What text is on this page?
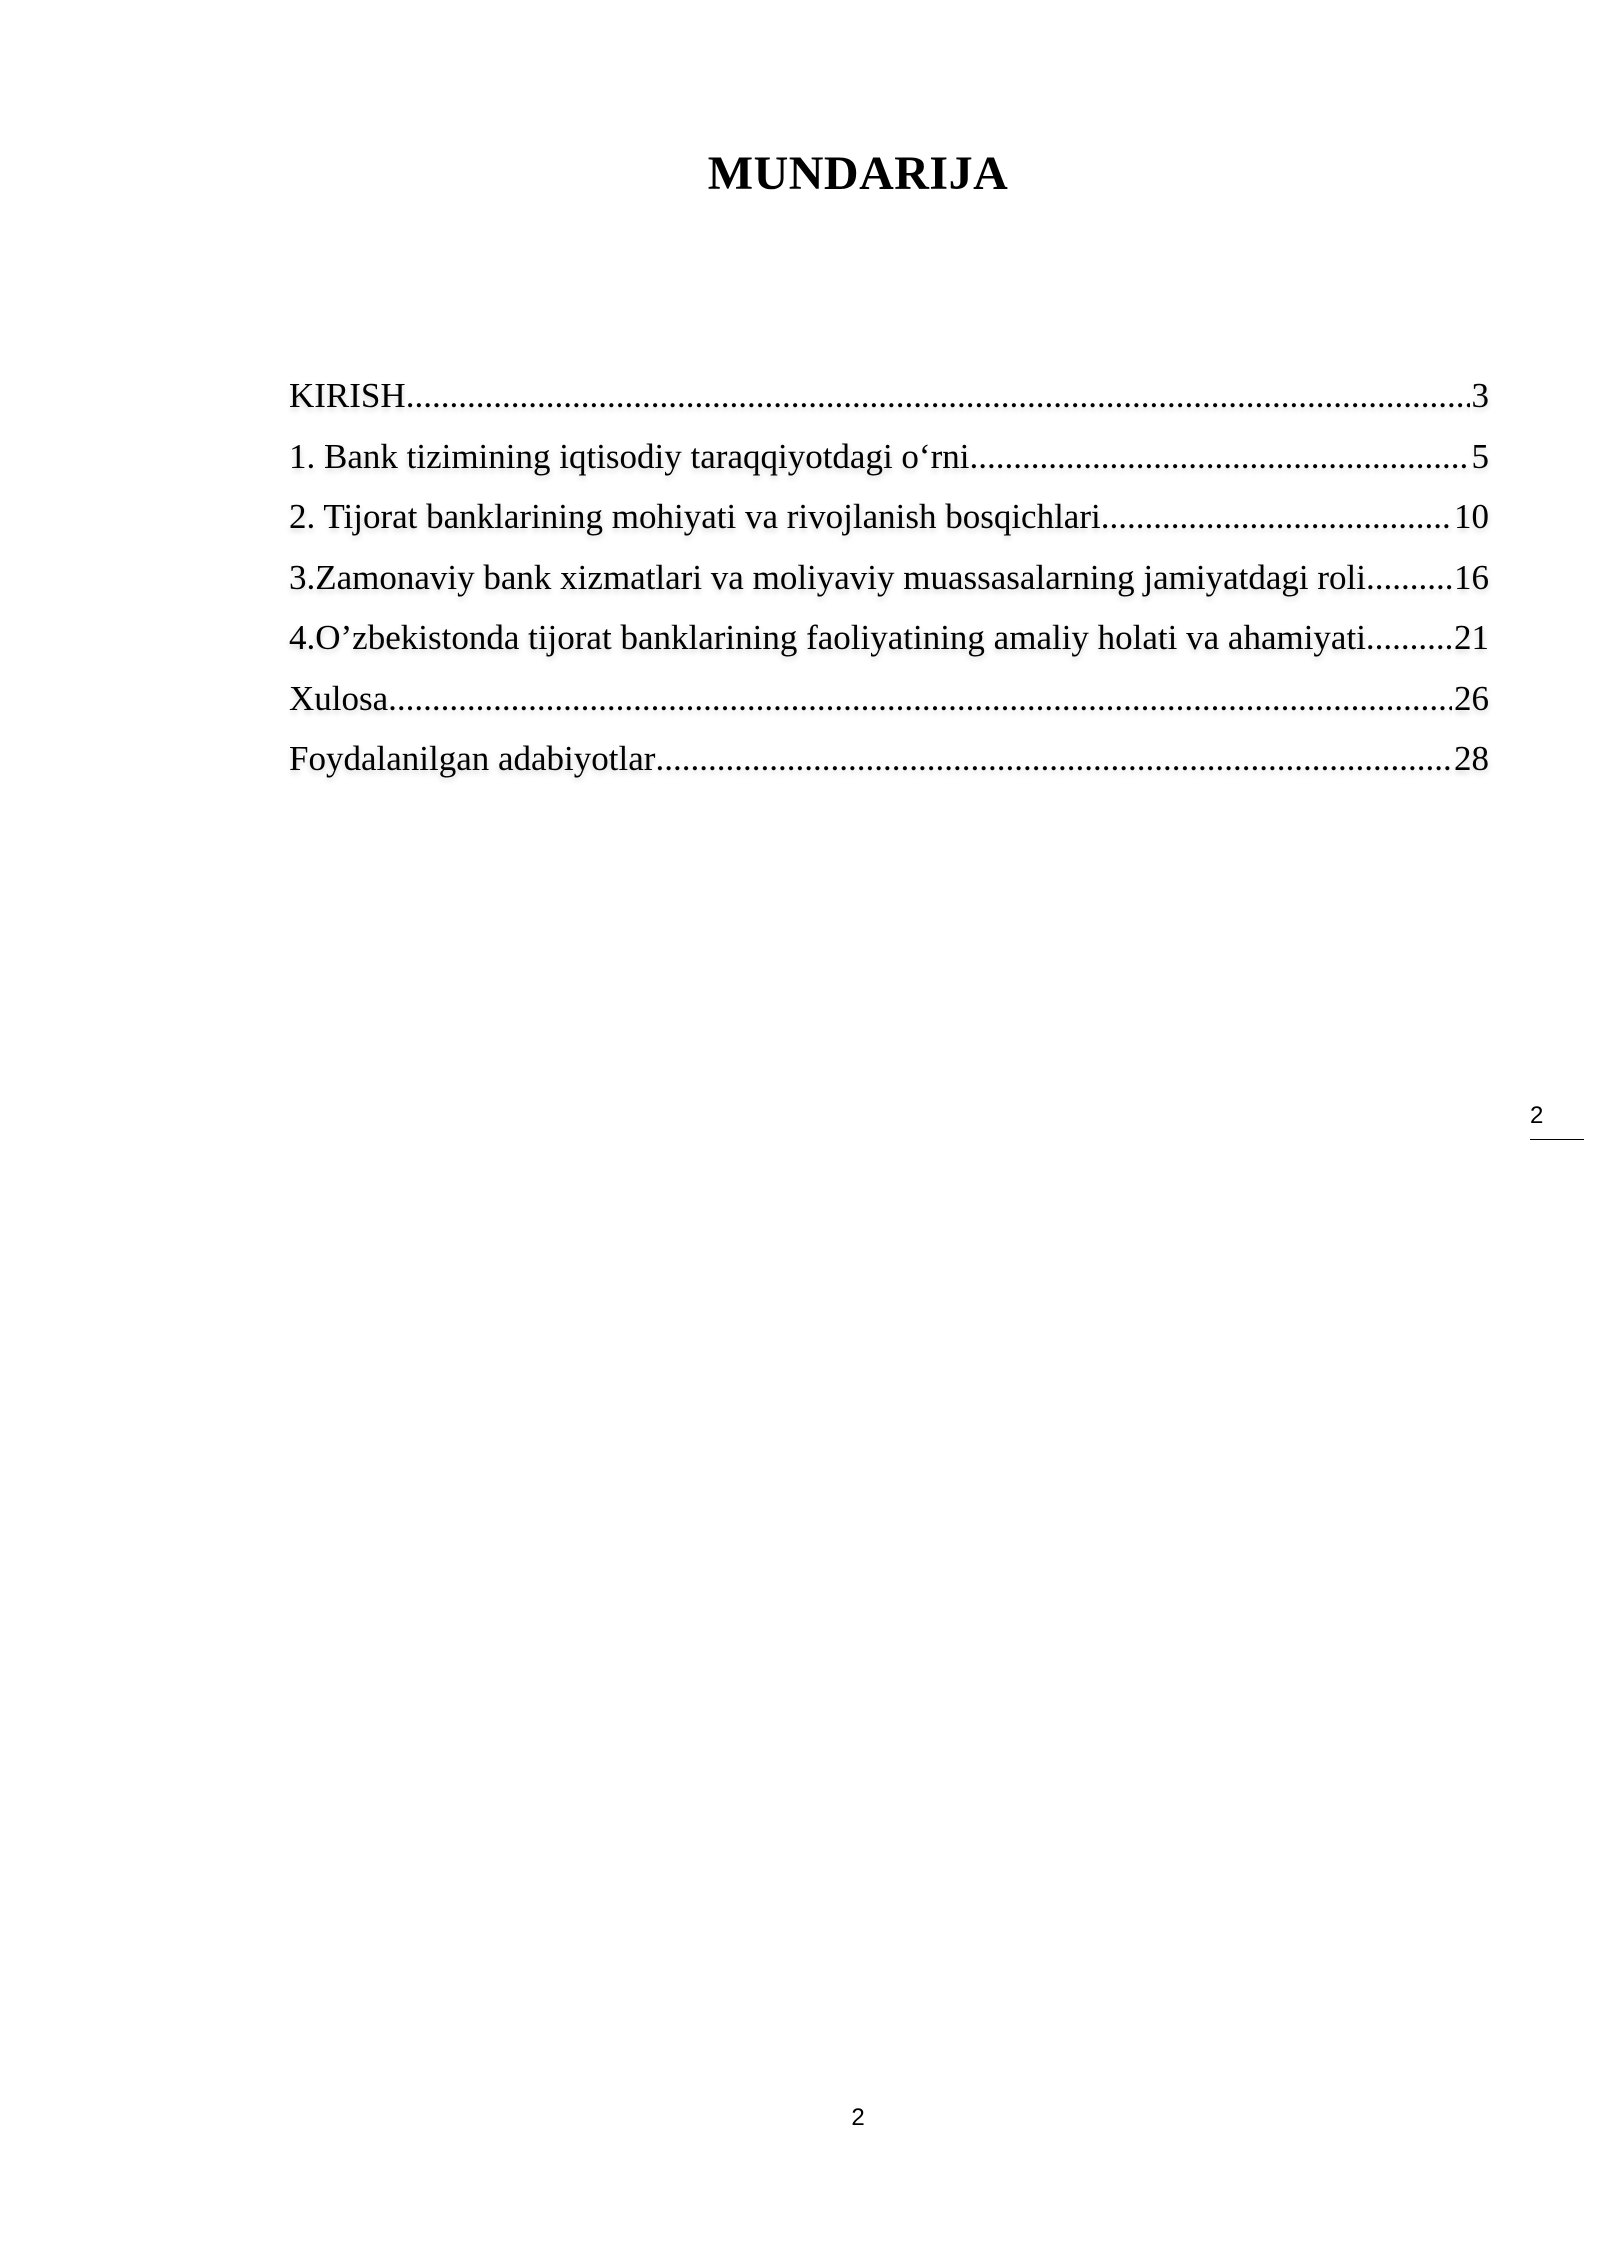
MUNDARIJA
KIRISH .....	3
1. Bank tizimining iqtisodiy taraqqiyotdagi o‘rni .....	5
2. Tijorat banklarining mohiyati va rivojlanish bosqichlari .....	10
3.Zamonaviy bank xizmatlari va moliyaviy muassasalarning jamiyatdagi roli .....	16
4.O’zbekistonda tijorat banklarining faoliyatining amaliy holati va ahamiyati .....	21
Xulosa .....	26
Foydalanilgan adabiyotlar .....	28
2
2
